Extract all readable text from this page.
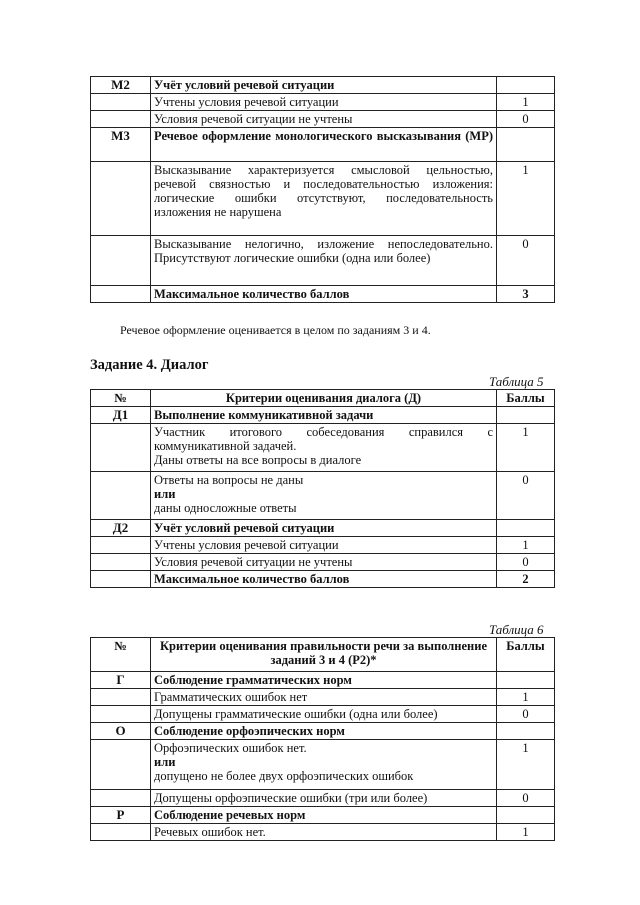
М2	Учёт условий речевой ситуации	
	Учтены условия речевой ситуации	1
	Условия речевой ситуации не учтены	0
М3	Речевое оформление монологического высказывания (МР)	
	Высказывание характеризуется смысловой цельностью, речевой связностью и последовательностью изложения: логические ошибки отсутствуют, последовательность изложения не нарушена	1
	Высказывание нелогично, изложение непоследовательно. Присутствуют логические ошибки (одна или более)	0
	Максимальное количество баллов	3
Речевое оформление оценивается в целом по заданиям 3 и 4.
Задание 4. Диалог
Таблица 5
№	Критерии оценивания диалога (Д)	Баллы
Д1	Выполнение коммуникативной задачи	

	Участник итогового собеседования справился с коммуникативной задачей.
Даны ответы на все вопросы в диалоге	1

	Ответы на вопросы не даны
или
даны односложные ответы	0
Д2	Учёт условий речевой ситуации	
	Учтены условия речевой ситуации	1
	Условия речевой ситуации не учтены	0
	Максимальное количество баллов	2
Таблица 6
№	Критерии оценивания правильности речи за выполнение заданий 3 и 4 (Р2)*	Баллы
Г	Соблюдение грамматических норм	
	Грамматических ошибок нет	1
	Допущены грамматические ошибки (одна или более)	0
О	Соблюдение орфоэпических норм	

	Орфоэпических ошибок нет.
или
допущено не более двух орфоэпических ошибок	1
	Допущены орфоэпические ошибки (три или более)	0
Р	Соблюдение речевых норм	
	Речевых ошибок нет.	1
